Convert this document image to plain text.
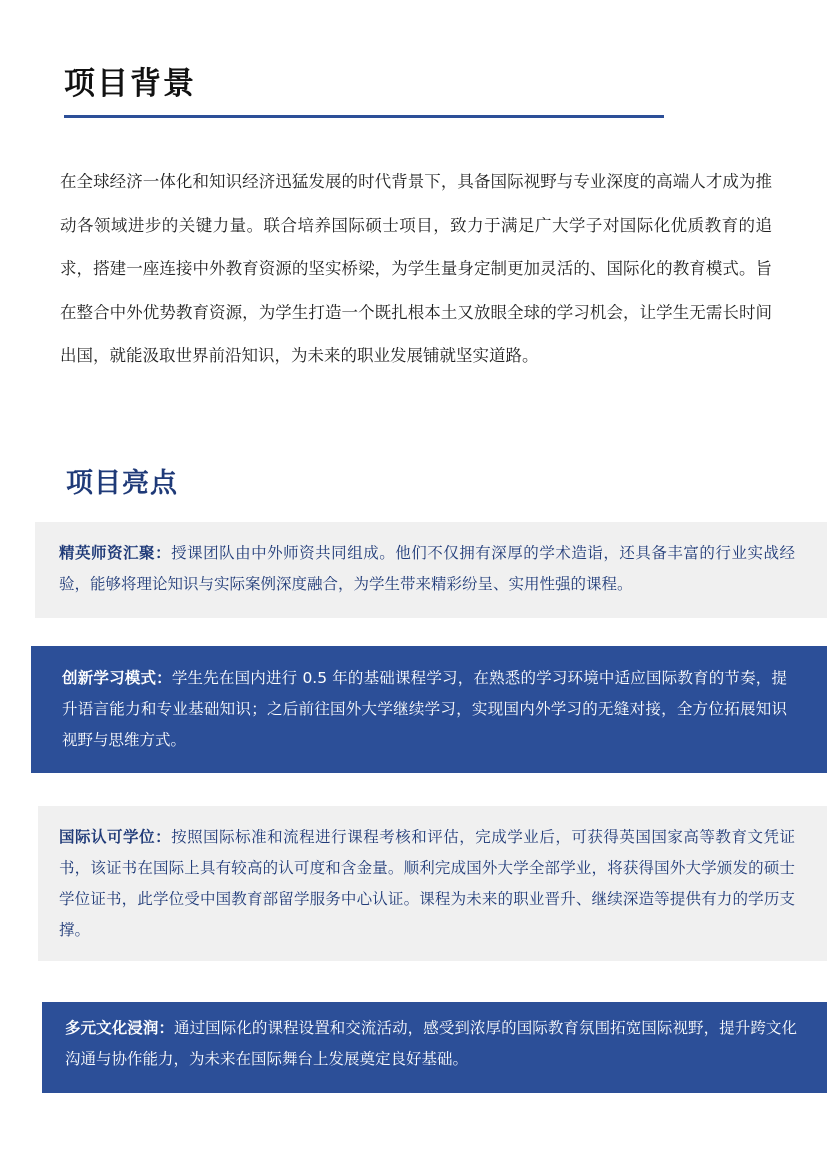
项目背景

在全球经济一体化和知识经济迅猛发展的时代背景下，具备国际视野与专业深度的高端人才成为推动各领域进步的关键力量。联合培养国际硕士项目，致力于满足广大学子对国际化优质教育的追求，搭建一座连接中外教育资源的坚实桥梁，为学生量身定制更加灵活的、国际化的教育模式。旨在整合中外优势教育资源，为学生打造一个既扎根本土又放眼全球的学习机会，让学生无需长时间出国，就能汲取世界前沿知识，为未来的职业发展铺就坚实道路。

项目亮点
精英师资汇聚：授课团队由中外师资共同组成。他们不仅拥有深厚的学术造诣，还具备丰富的行业实战经验，能够将理论知识与实际案例深度融合，为学生带来精彩纷呈、实用性强的课程。
创新学习模式：学生先在国内进行 0.5 年的基础课程学习，在熟悉的学习环境中适应国际教育的节奏，提升语言能力和专业基础知识；之后前往国外大学继续学习，实现国内外学习的无缝对接，全方位拓展知识视野与思维方式。
国际认可学位：按照国际标准和流程进行课程考核和评估，完成学业后，可获得英国国家高等教育文凭证书，该证书在国际上具有较高的认可度和含金量。顺利完成国外大学全部学业，将获得国外大学颁发的硕士学位证书，此学位受中国教育部留学服务中心认证。课程为未来的职业晋升、继续深造等提供有力的学历支撑。
多元文化浸润：通过国际化的课程设置和交流活动，感受到浓厚的国际教育氛围拓宽国际视野，提升跨文化沟通与协作能力，为未来在国际舞台上发展奠定良好基础。
